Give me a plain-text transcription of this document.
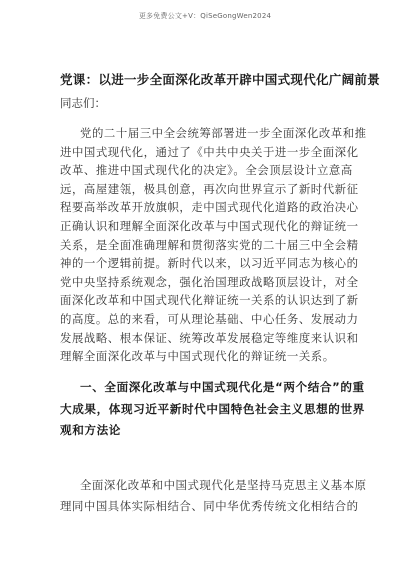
更多免费公文+V：QiSeGongWen2024
党课：以进一步全面深化改革开辟中国式现代化广阔前景
同志们：
党的二十届三中全会统筹部署进一步全面深化改革和推
进中国式现代化，通过了《中共中央关于进一步全面深化
改革、推进中国式现代化的决定》。全会顶层设计立意高
远，高屋建瓴，极具创意，再次向世界宣示了新时代新征
程要高举改革开放旗帜，走中国式现代化道路的政治决心
正确认识和理解全面深化改革与中国式现代化的辩证统一
关系，是全面准确理解和贯彻落实党的二十届三中全会精
神的一个逻辑前提。新时代以来，以习近平同志为核心的
党中央坚持系统观念，强化治国理政战略顶层设计，对全
面深化改革和中国式现代化辩证统一关系的认识达到了新
的高度。总的来看，可从理论基础、中心任务、发展动力
发展战略、根本保证、统筹改革发展稳定等维度来认识和
理解全面深化改革与中国式现代化的辩证统一关系。
一、全面深化改革与中国式现代化是“两个结合”的重
大成果，体现习近平新时代中国特色社会主义思想的世界
观和方法论
全面深化改革和中国式现代化是坚持马克思主义基本原
理同中国具体实际相结合、同中华优秀传统文化相结合的
